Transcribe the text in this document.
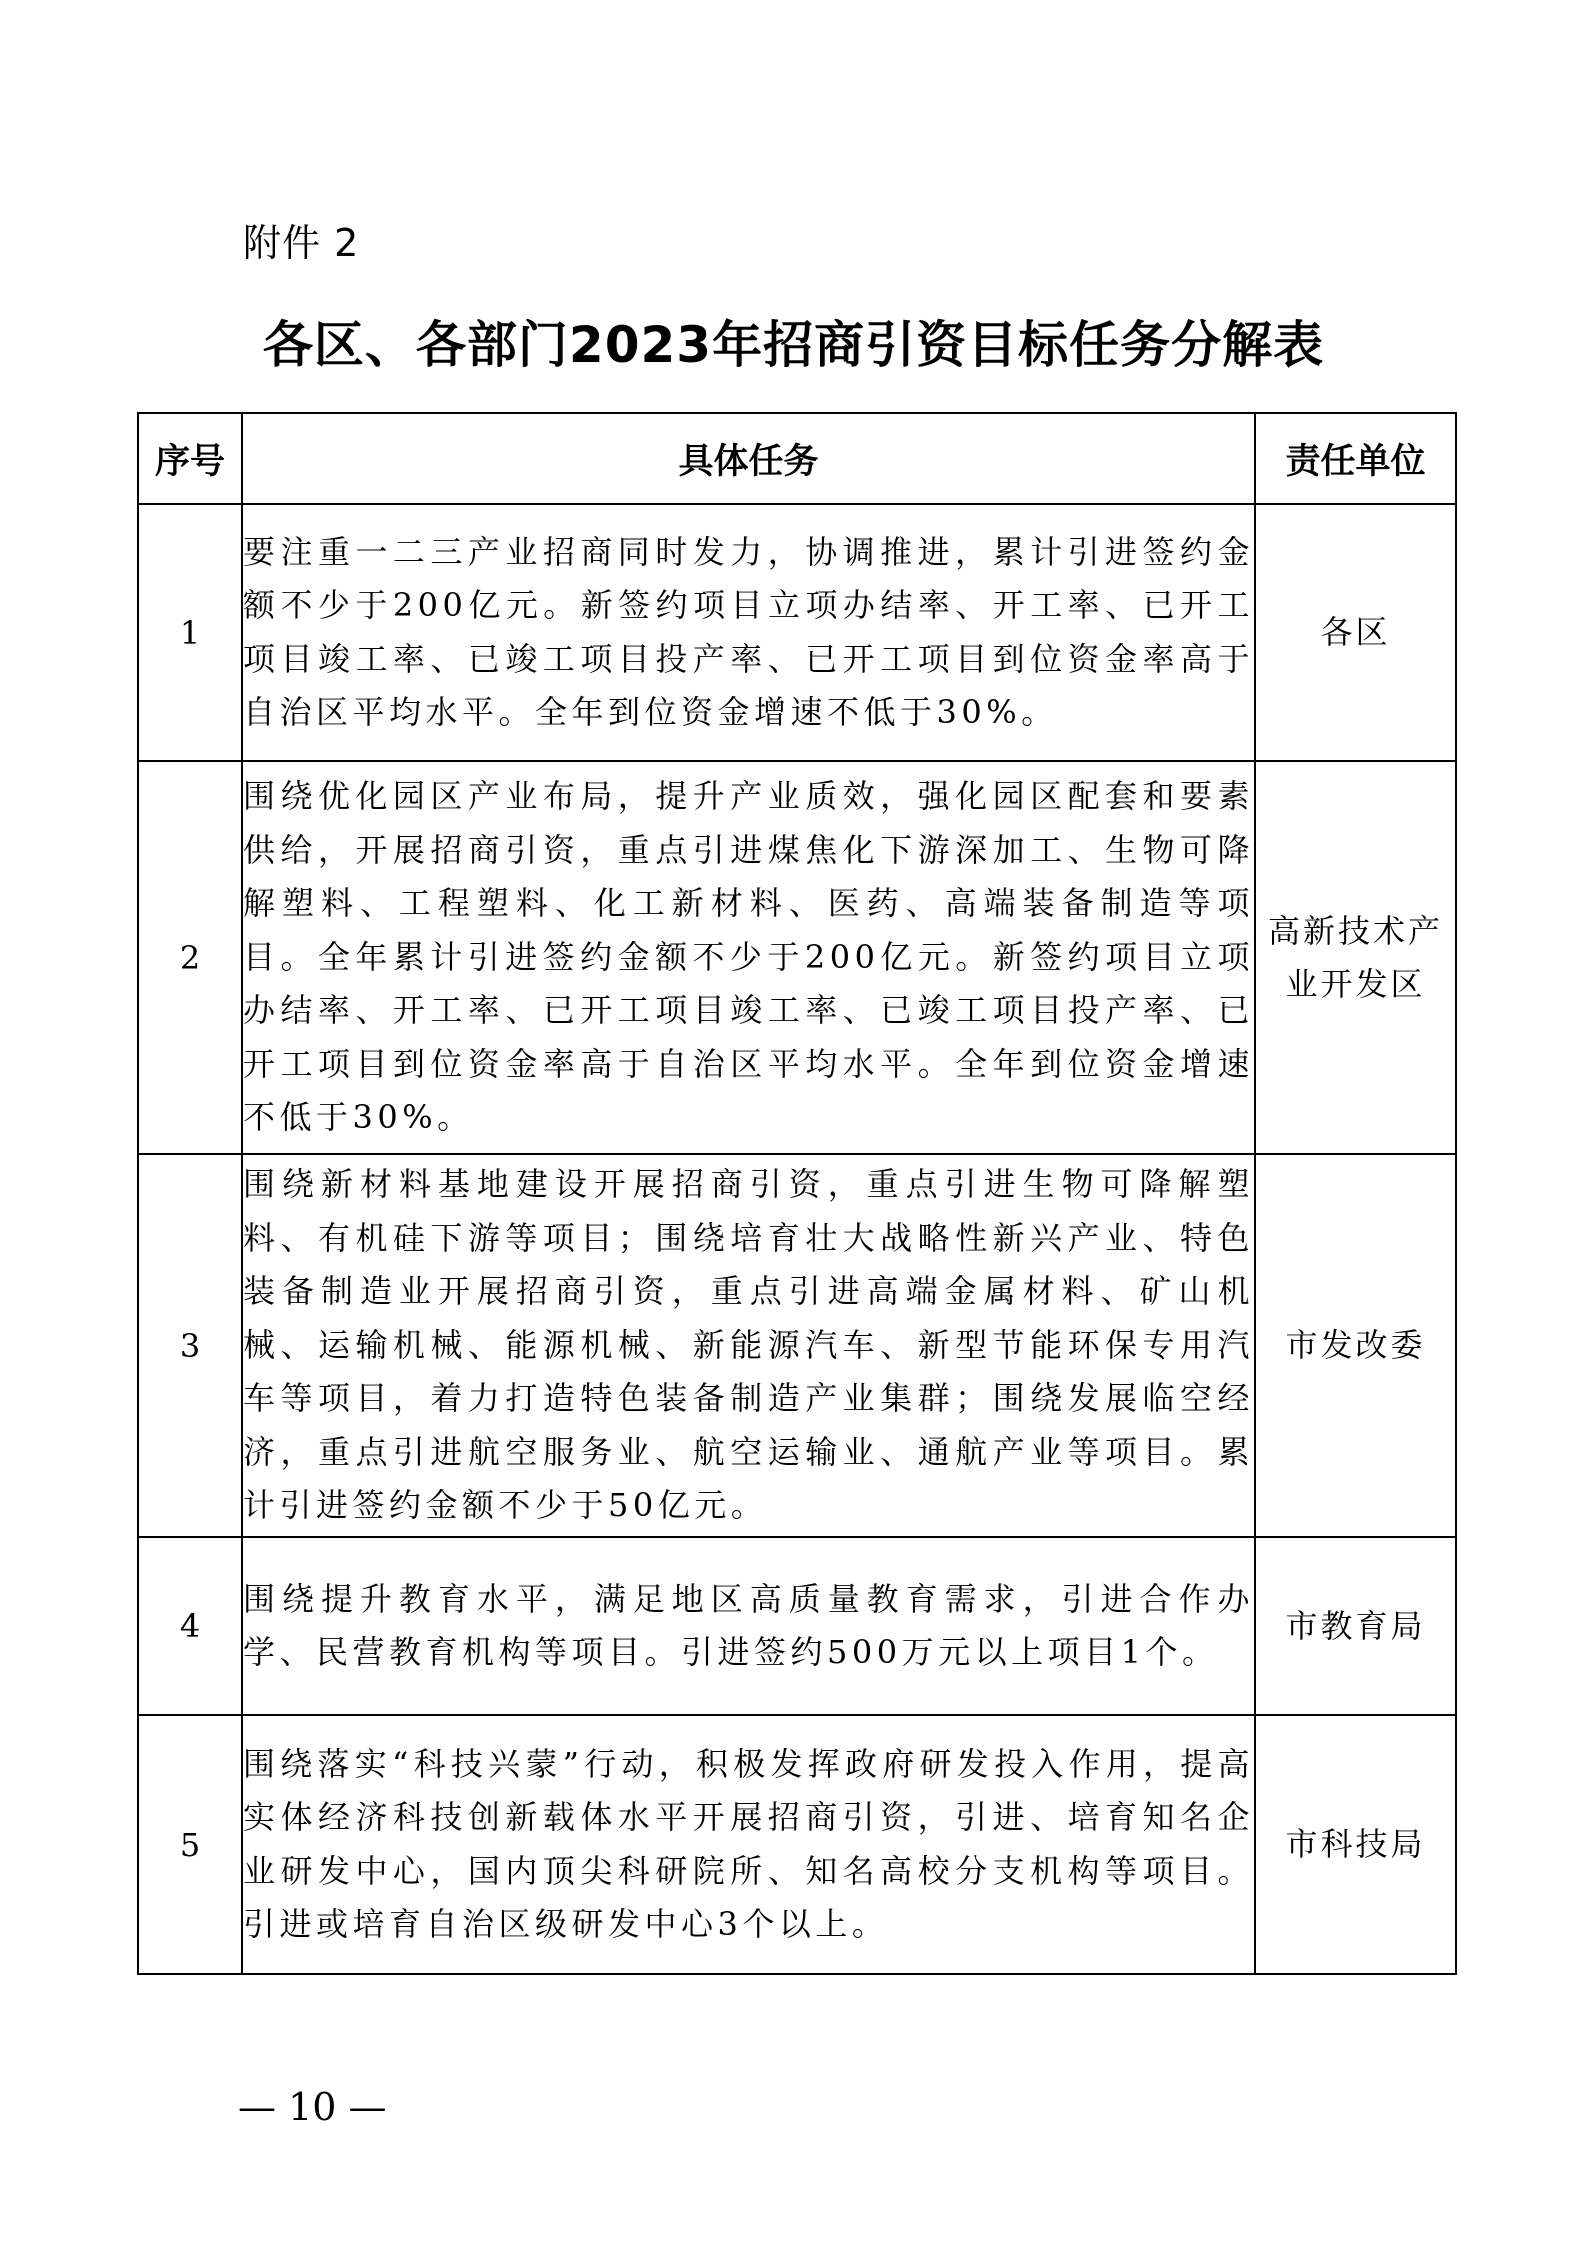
附件 2
各区、各部门2023年招商引资目标任务分解表
序号	具体任务	责任单位
1	要注重一二三产业招商同时发力，协调推进，累计引进签约金额不少于200亿元。新签约项目立项办结率、开工率、已开工项目竣工率、已竣工项目投产率、已开工项目到位资金率高于自治区平均水平。全年到位资金增速不低于30%。	各区
2	围绕优化园区产业布局，提升产业质效，强化园区配套和要素供给，开展招商引资，重点引进煤焦化下游深加工、生物可降解塑料、工程塑料、化工新材料、医药、高端装备制造等项目。全年累计引进签约金额不少于200亿元。新签约项目立项办结率、开工率、已开工项目竣工率、已竣工项目投产率、已开工项目到位资金率高于自治区平均水平。全年到位资金增速不低于30%。	高新技术产业开发区
3	围绕新材料基地建设开展招商引资，重点引进生物可降解塑料、有机硅下游等项目；围绕培育壮大战略性新兴产业、特色装备制造业开展招商引资，重点引进高端金属材料、矿山机械、运输机械、能源机械、新能源汽车、新型节能环保专用汽车等项目，着力打造特色装备制造产业集群；围绕发展临空经济，重点引进航空服务业、航空运输业、通航产业等项目。累计引进签约金额不少于50亿元。	市发改委
4	围绕提升教育水平，满足地区高质量教育需求，引进合作办学、民营教育机构等项目。引进签约500万元以上项目1个。	市教育局
5	围绕落实“科技兴蒙”行动，积极发挥政府研发投入作用，提高实体经济科技创新载体水平开展招商引资，引进、培育知名企业研发中心，国内顶尖科研院所、知名高校分支机构等项目。引进或培育自治区级研发中心3个以上。	市科技局
— 10 —
